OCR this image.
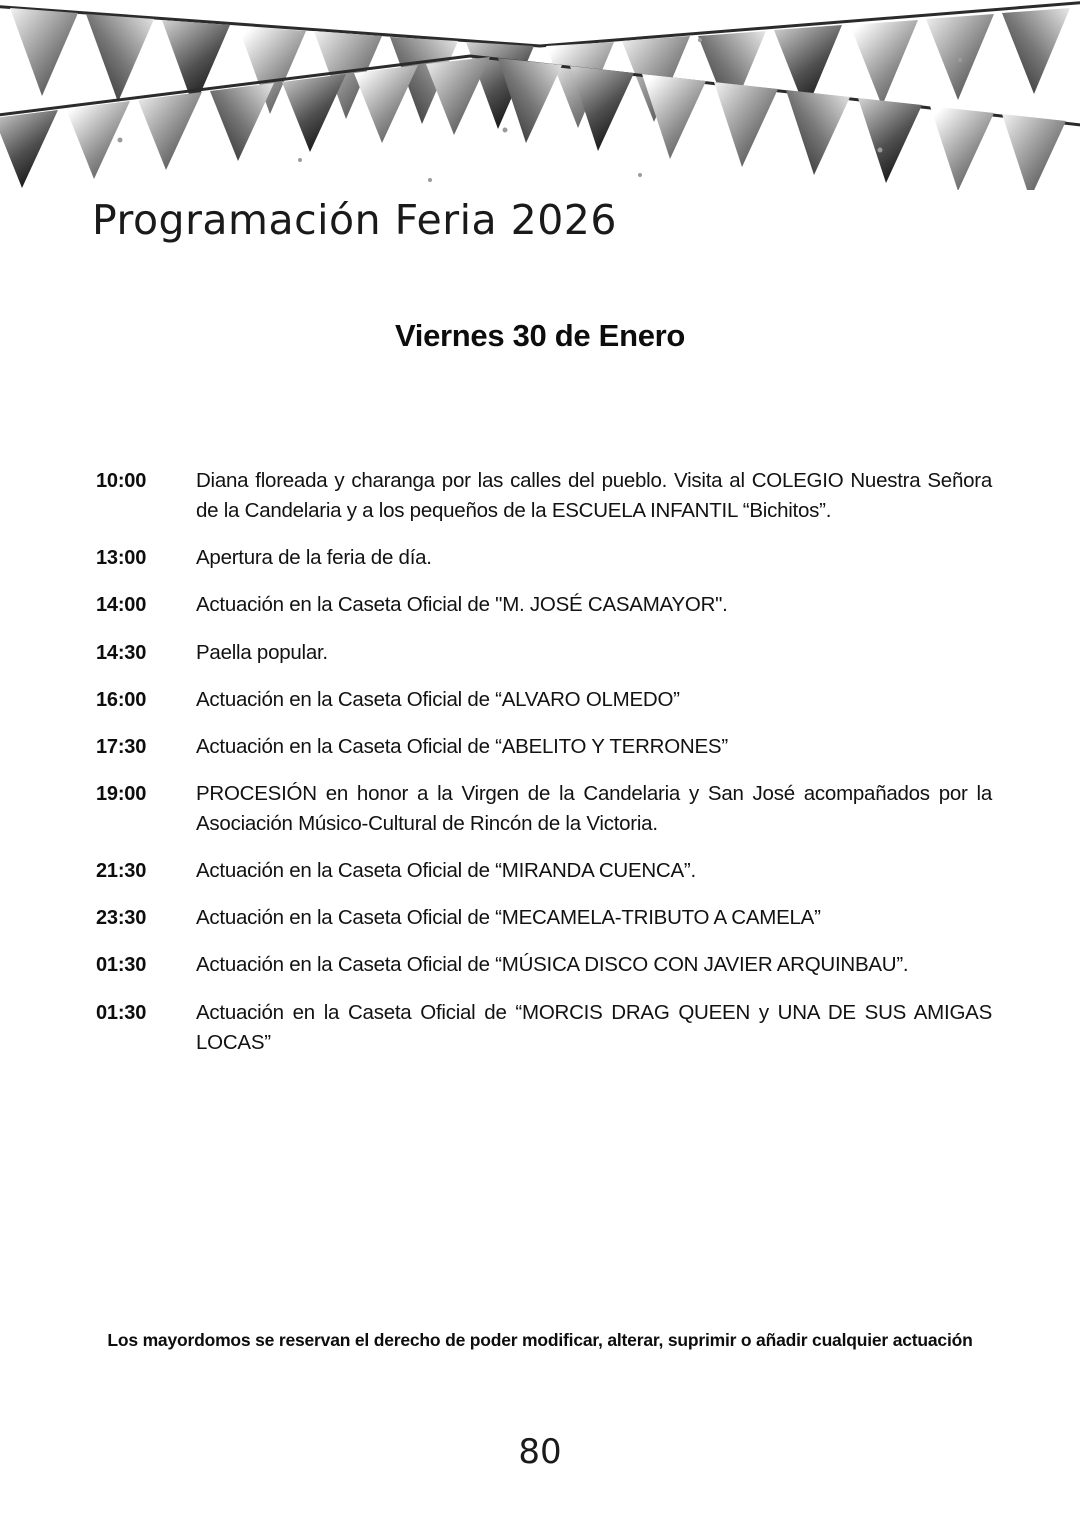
Programación Feria 2026
Viernes 30 de Enero
10:00	Diana floreada y charanga por las calles del pueblo. Visita al COLEGIO Nuestra Señora de la Candelaria y a los pequeños de la ESCUELA INFANTIL “Bichitos”.
13:00	Apertura de la feria de día.
14:00	Actuación en la Caseta Oficial de "M. JOSÉ CASAMAYOR".
14:30	Paella popular.
16:00	Actuación en la Caseta Oficial de “ALVARO OLMEDO”
17:30	Actuación en la Caseta Oficial de “ABELITO Y TERRONES”
19:00	PROCESIÓN en honor a la Virgen de la Candelaria y San José acompañados por la Asociación Músico-Cultural de Rincón de la Victoria.
21:30	Actuación en la Caseta Oficial de “MIRANDA CUENCA”.
23:30	Actuación en la Caseta Oficial de “MECAMELA-TRIBUTO A CAMELA”
01:30	Actuación en la Caseta Oficial de “MÚSICA DISCO CON JAVIER ARQUINBAU”.
01:30	Actuación en la Caseta Oficial de “MORCIS DRAG QUEEN y UNA DE SUS AMIGAS LOCAS”
Los mayordomos se reservan el derecho de poder modificar, alterar, suprimir o añadir cualquier actuación
80
